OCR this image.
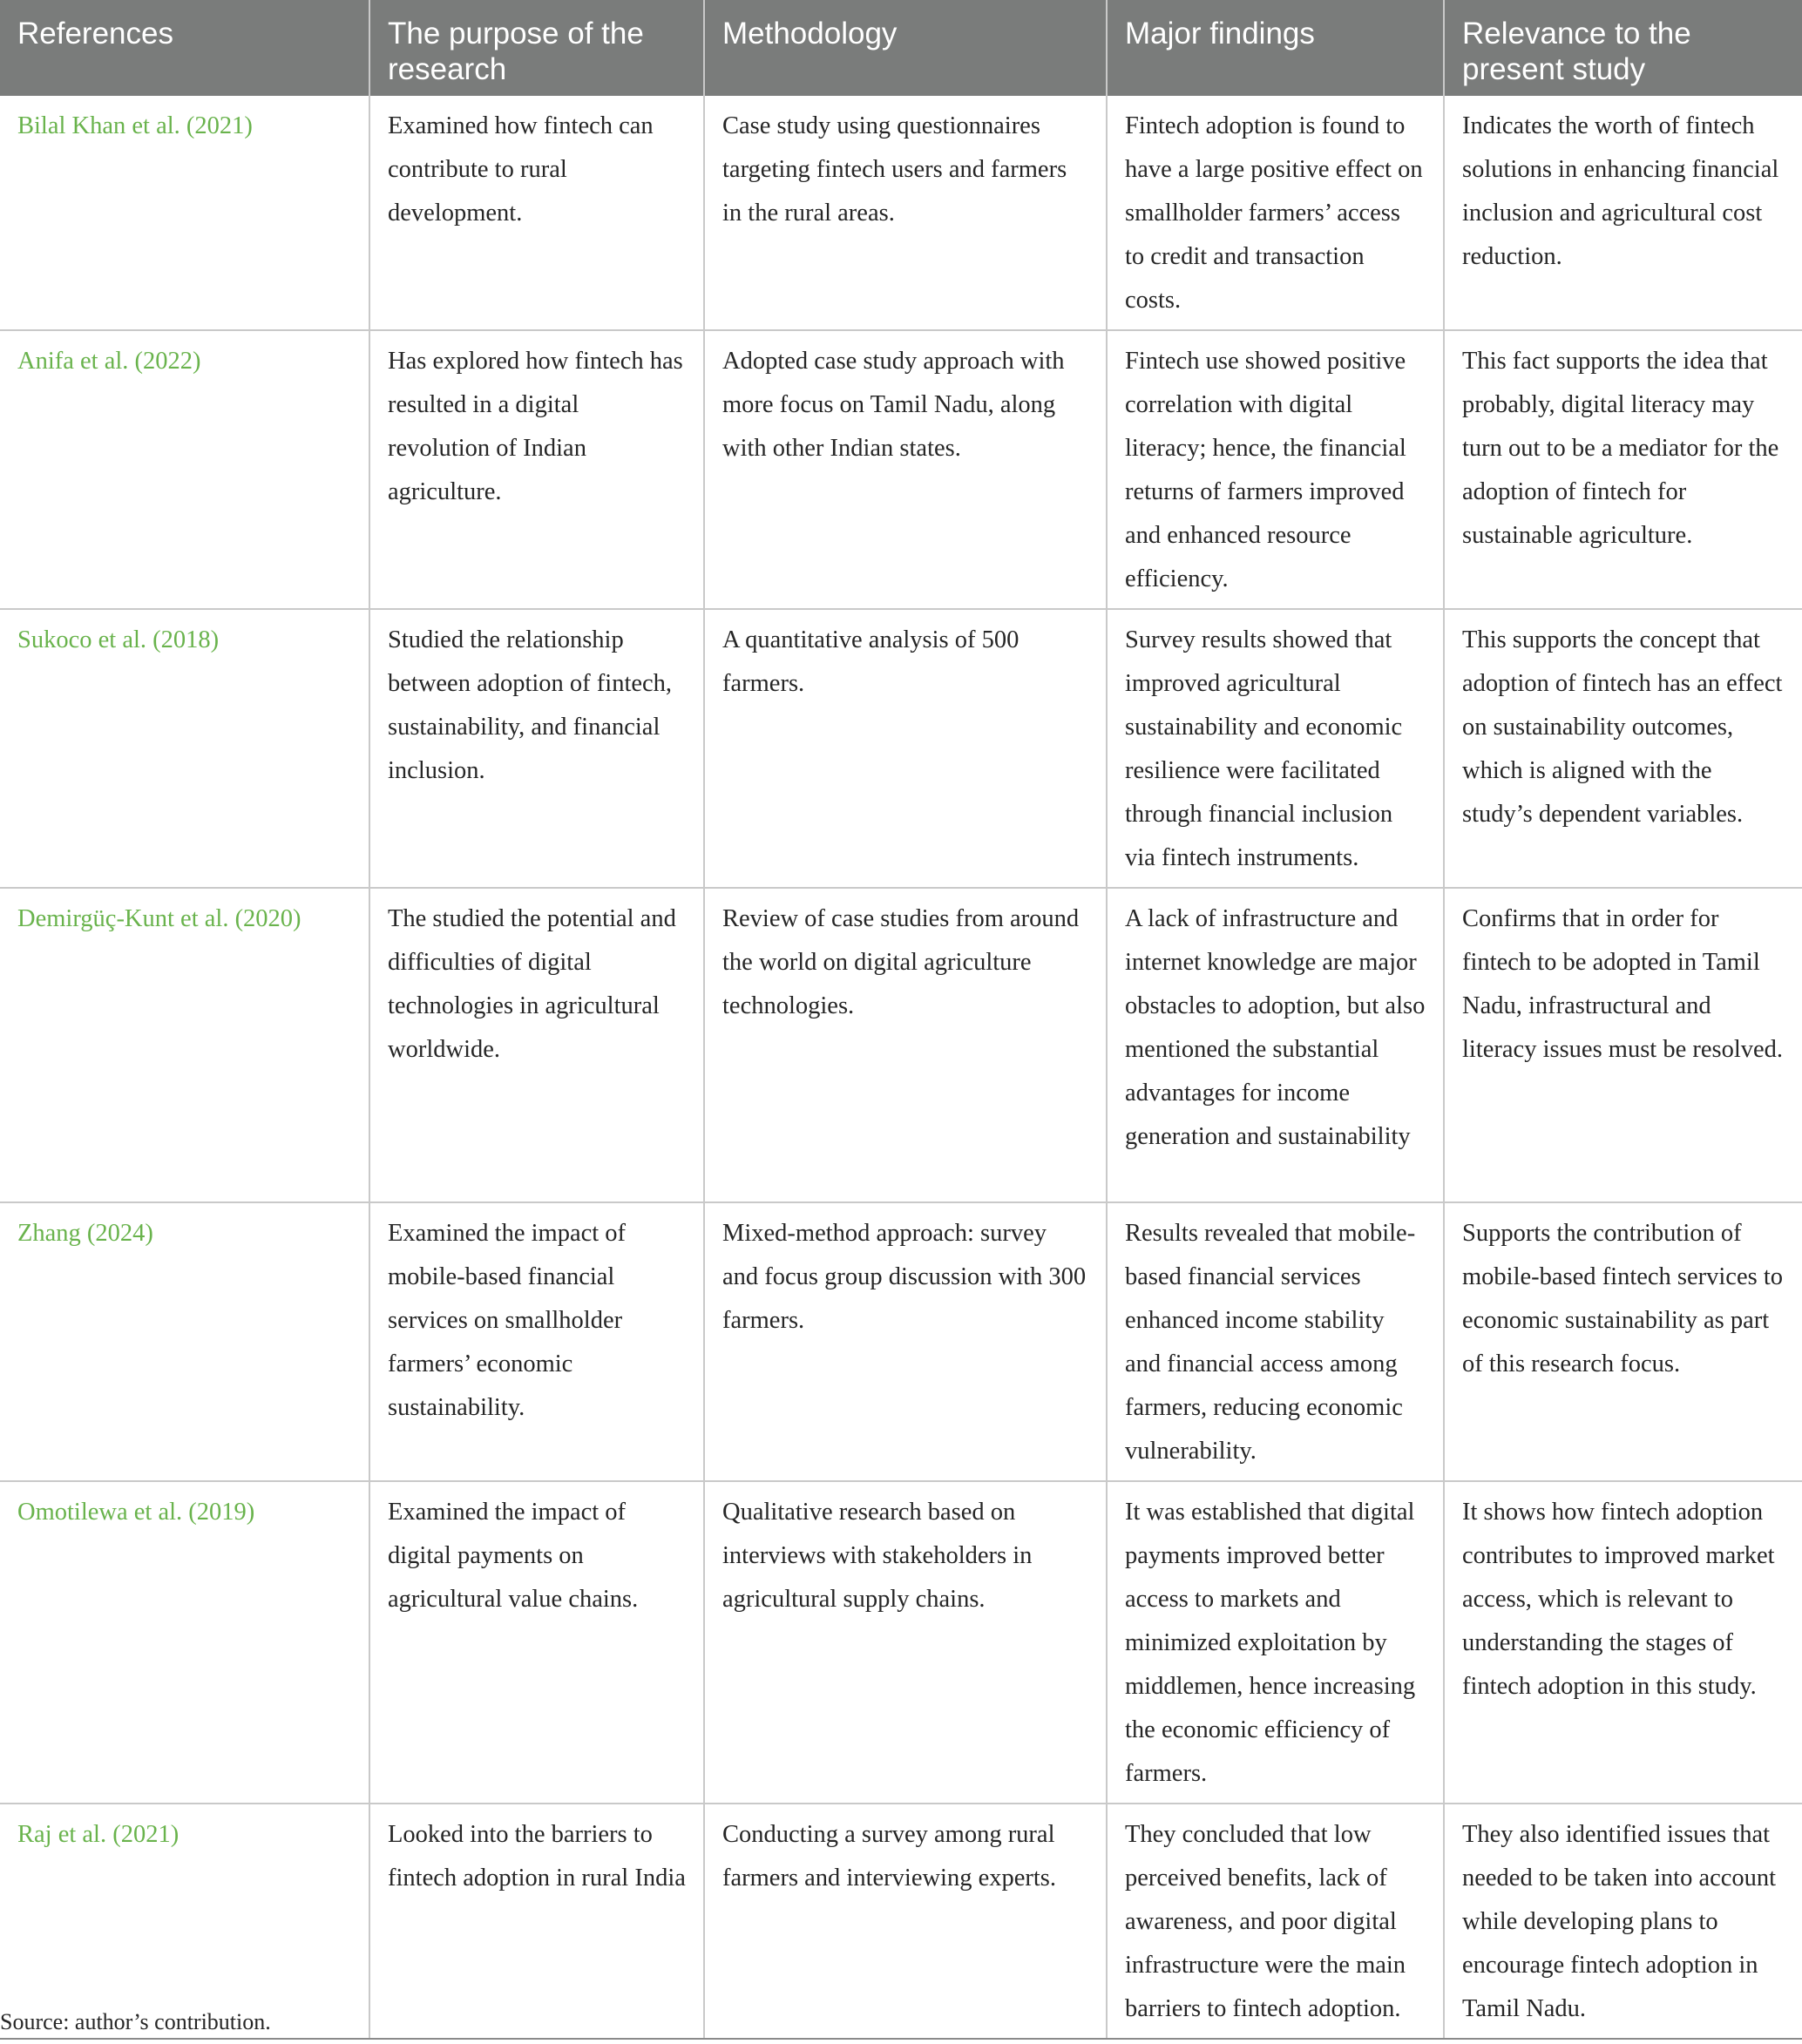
References	The purpose of the research	Methodology	Major findings	Relevance to the present study
Bilal Khan et al. (2021)	Examined how fintech can contribute to rural development.	Case study using questionnaires targeting fintech users and farmers in the rural areas.	Fintech adoption is found to have a large positive effect on smallholder farmers’ access to credit and transaction costs.	Indicates the worth of fintech solutions in enhancing financial inclusion and agricultural cost reduction.
Anifa et al. (2022)	Has explored how fintech has resulted in a digital revolution of Indian agriculture.	Adopted case study approach with more focus on Tamil Nadu, along with other Indian states.	Fintech use showed positive correlation with digital literacy; hence, the financial returns of farmers improved and enhanced resource efficiency.	This fact supports the idea that probably, digital literacy may turn out to be a mediator for the adoption of fintech for sustainable agriculture.
Sukoco et al. (2018)	Studied the relationship between adoption of fintech, sustainability, and financial inclusion.	A quantitative analysis of 500 farmers.	Survey results showed that improved agricultural sustainability and economic resilience were facilitated through financial inclusion via fintech instruments.	This supports the concept that adoption of fintech has an effect on sustainability outcomes, which is aligned with the study’s dependent variables.
Demirgüç-Kunt et al. (2020)	The studied the potential and difficulties of digital technologies in agricultural worldwide.	Review of case studies from around the world on digital agriculture technologies.	A lack of infrastructure and internet knowledge are major obstacles to adoption, but also mentioned the substantial advantages for income generation and sustainability	Confirms that in order for fintech to be adopted in Tamil Nadu, infrastructural and literacy issues must be resolved.
Zhang (2024)	Examined the impact of mobile-based financial services on smallholder farmers’ economic sustainability.	Mixed-method approach: survey and focus group discussion with 300 farmers.	Results revealed that mobile-based financial services enhanced income stability and financial access among farmers, reducing economic vulnerability.	Supports the contribution of mobile-based fintech services to economic sustainability as part of this research focus.
Omotilewa et al. (2019)	Examined the impact of digital payments on agricultural value chains.	Qualitative research based on interviews with stakeholders in agricultural supply chains.	It was established that digital payments improved better access to markets and minimized exploitation by middlemen, hence increasing the economic efficiency of farmers.	It shows how fintech adoption contributes to improved market access, which is relevant to understanding the stages of fintech adoption in this study.
Raj et al. (2021)	Looked into the barriers to fintech adoption in rural India	Conducting a survey among rural farmers and interviewing experts.	They concluded that low perceived benefits, lack of awareness, and poor digital infrastructure were the main barriers to fintech adoption.	They also identified issues that needed to be taken into account while developing plans to encourage fintech adoption in Tamil Nadu.
Source: author’s contribution.
